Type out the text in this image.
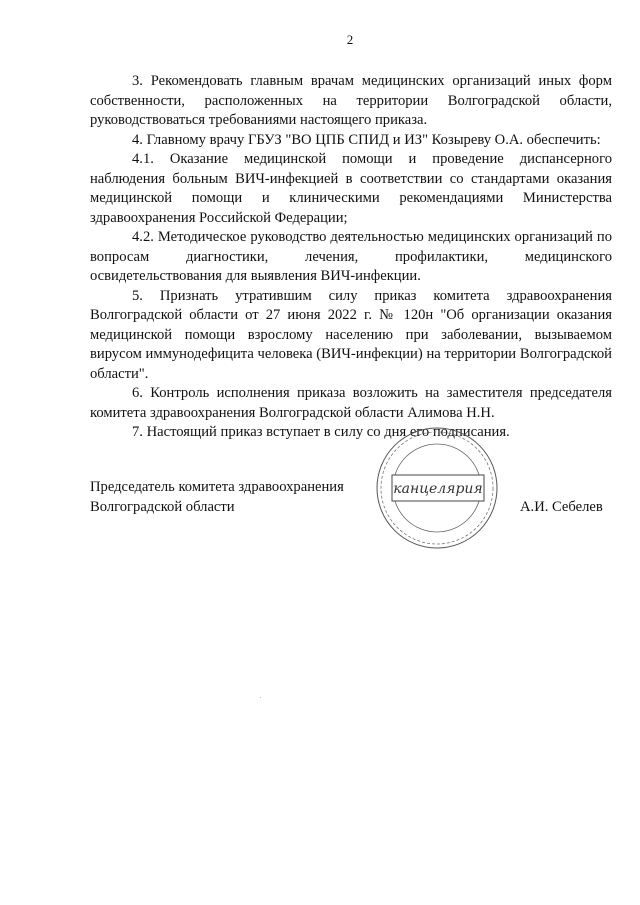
2

3. Рекомендовать главным врачам медицинских организаций иных форм собственности, расположенных на территории Волгоградской области, руководствоваться требованиями настоящего приказа.

4. Главному врачу ГБУЗ "ВО ЦПБ СПИД и ИЗ" Козыреву О.А. обеспечить:

4.1. Оказание медицинской помощи и проведение диспансерного наблюдения больным ВИЧ-инфекцией в соответствии со стандартами оказания медицинской помощи и клиническими рекомендациями Министерства здравоохранения Российской Федерации;

4.2. Методическое руководство деятельностью медицинских организаций по вопросам диагностики, лечения, профилактики, медицинского освидетельствования для выявления ВИЧ-инфекции.

5. Признать утратившим силу приказ комитета здравоохранения Волгоградской области от 27 июня 2022 г. № 120н "Об организации оказания медицинской помощи взрослому населению при заболевании, вызываемом вирусом иммунодефицита человека (ВИЧ-инфекции) на территории Волгоградской области".

6. Контроль исполнения приказа возложить на заместителя председателя комитета здравоохранения Волгоградской области Алимова Н.Н.

7. Настоящий приказ вступает в силу со дня его подписания.

Председатель комитета здравоохранения
Волгоградской области	А.И. Себелев
канцелярия
